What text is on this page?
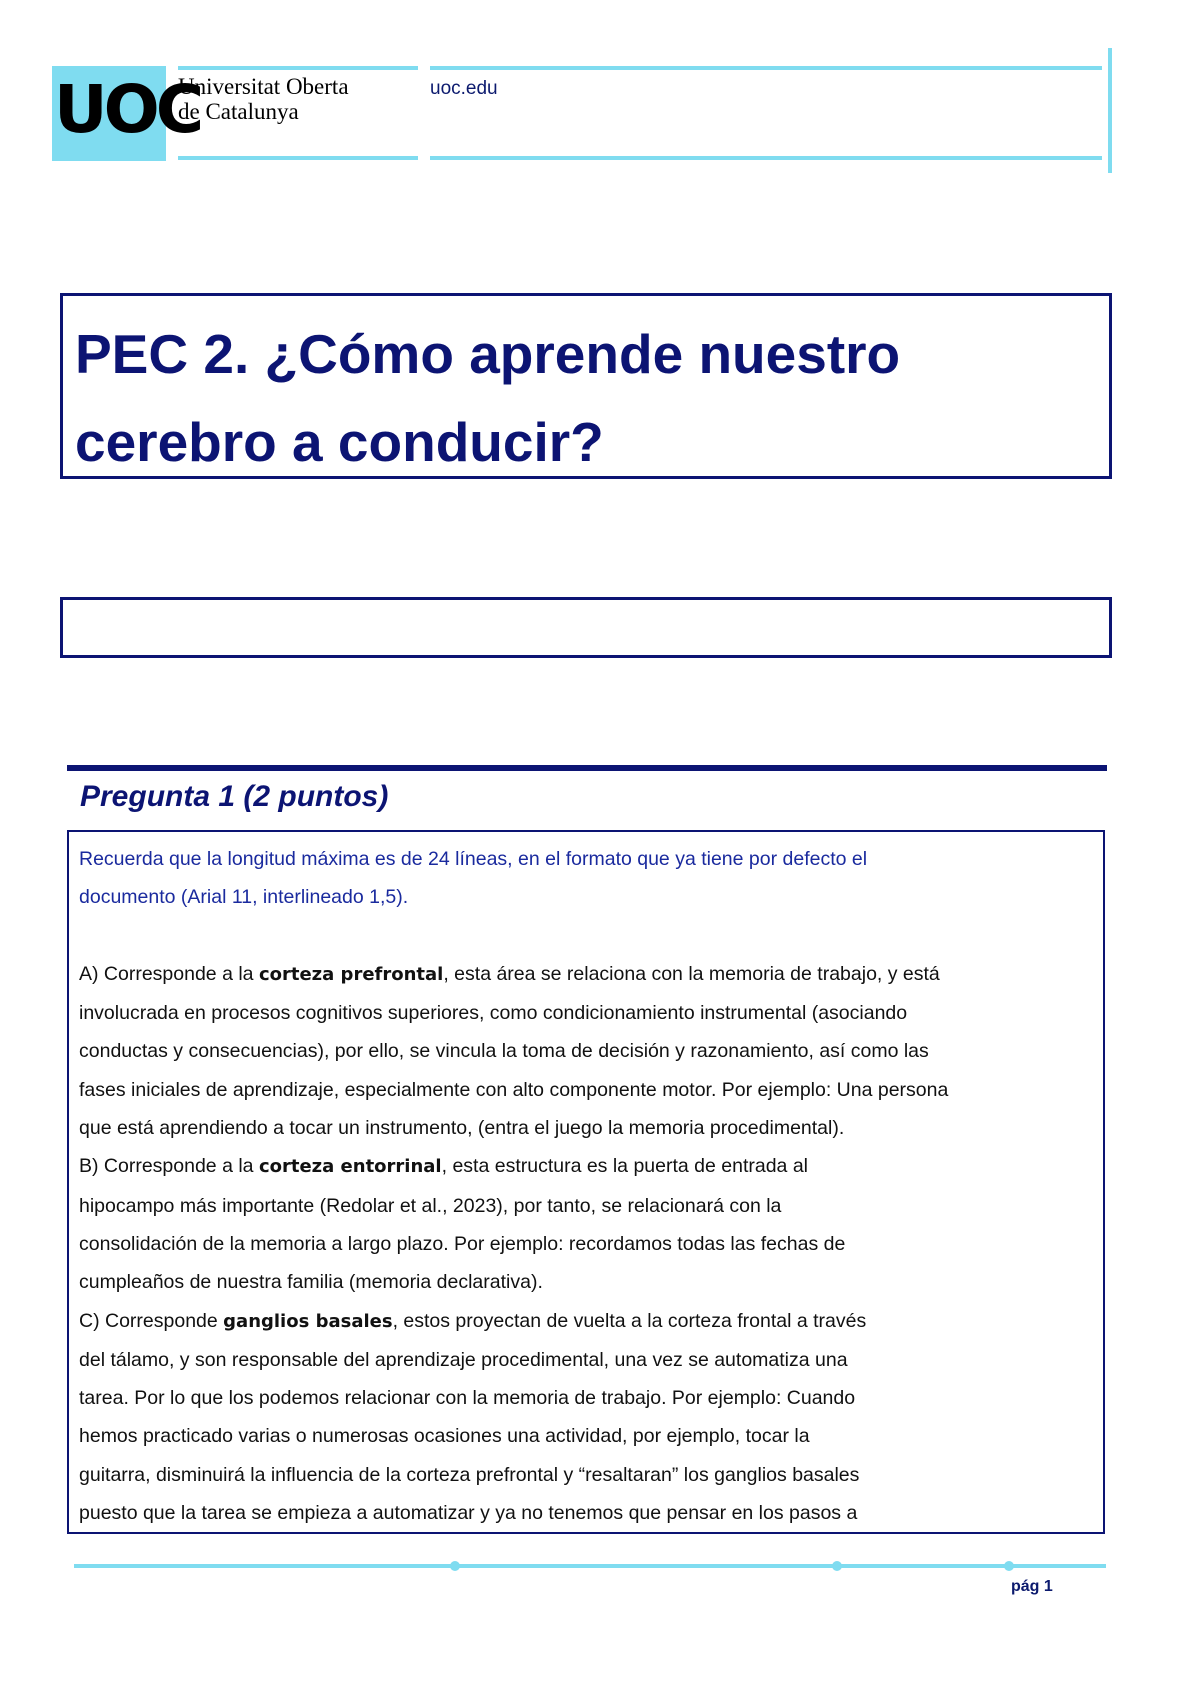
UOC
Universitat Oberta
de Catalunya
uoc.edu
PEC 2. ¿Cómo aprende nuestro
cerebro a conducir?
Pregunta 1 (2 puntos)

Recuerda que la longitud máxima es de 24 líneas, en el formato que ya tiene por defecto el

documento (Arial 11, interlineado 1,5).

A) Corresponde a la corteza prefrontal, esta área se relaciona con la memoria de trabajo, y está

involucrada en procesos cognitivos superiores, como condicionamiento instrumental (asociando

conductas y consecuencias), por ello, se vincula la toma de decisión y razonamiento, así como las

fases iniciales de aprendizaje, especialmente con alto componente motor. Por ejemplo: Una persona

que está aprendiendo a tocar un instrumento, (entra el juego la memoria procedimental).

B) Corresponde a la corteza entorrinal, esta estructura es la puerta de entrada al

hipocampo más importante (Redolar et al., 2023), por tanto, se relacionará con la

consolidación de la memoria a largo plazo. Por ejemplo: recordamos todas las fechas de

cumpleaños de nuestra familia (memoria declarativa).

C) Corresponde ganglios basales, estos proyectan de vuelta a la corteza frontal a través

del tálamo, y son responsable del aprendizaje procedimental, una vez se automatiza una

tarea. Por lo que los podemos relacionar con la memoria de trabajo. Por ejemplo: Cuando

hemos practicado varias o numerosas ocasiones una actividad, por ejemplo, tocar la

guitarra, disminuirá la influencia de la corteza prefrontal y “resaltaran” los ganglios basales

puesto que la tarea se empieza a automatizar y ya no tenemos que pensar en los pasos a

pág 1
